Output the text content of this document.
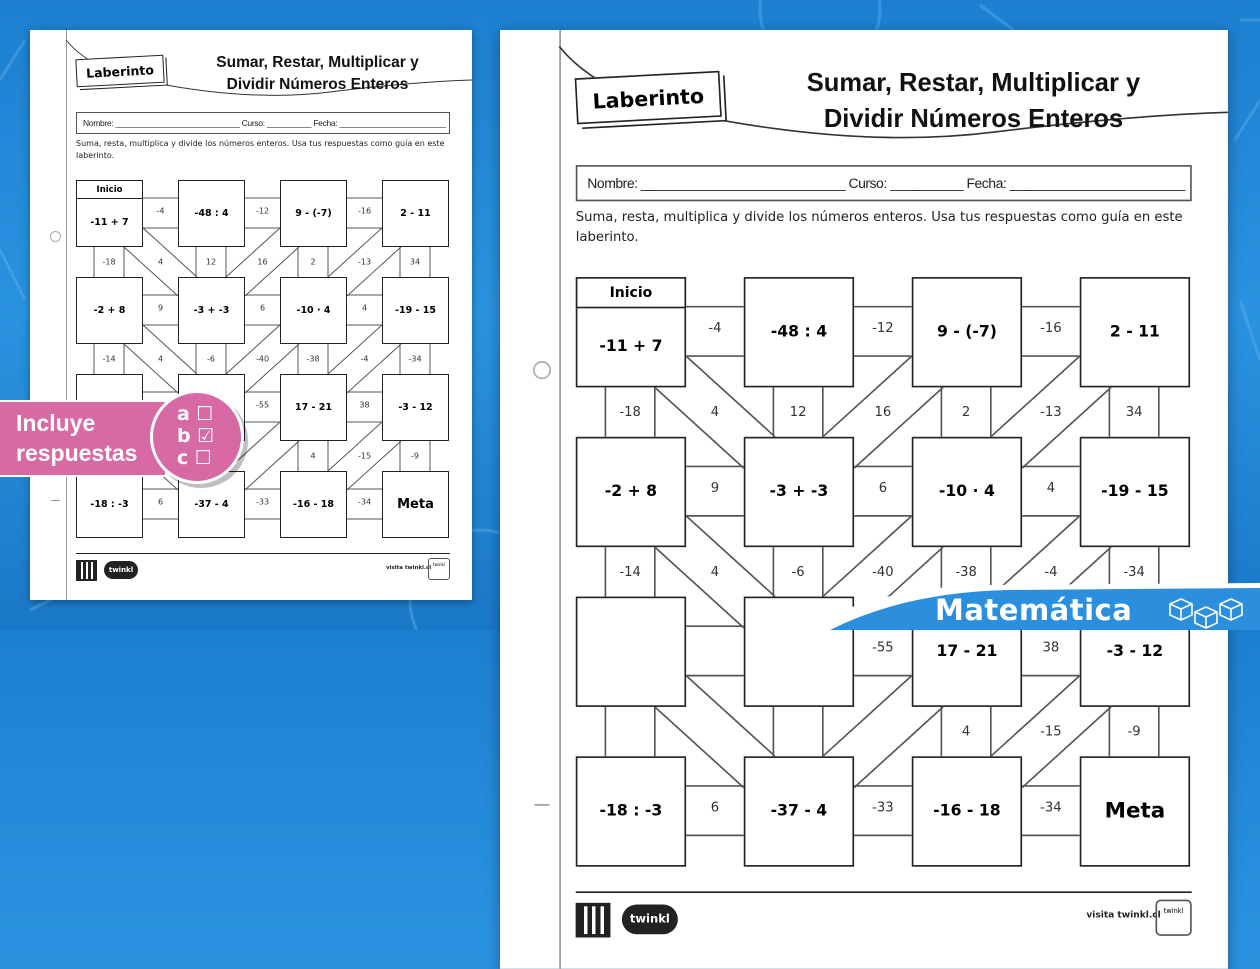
Laberinto	Sumar, Restar, Multiplicar y
Dividir Números Enteros
Nombre: ____________________________ Curso: __________ Fecha: ________________________
Suma, resta, multiplica y divide los números enteros. Usa tus respuestas como guía en este laberinto.
-4	-12	-16
9	6	4
-55	38
6	-33	-34
-18	12	2	34
4	16	-13
-14	-6	-38	-34
4	-40	-4
4	-9
-15
-11 + 7
-48 : 4	9 - (-7)	2 - 11
-2 + 8	-3 + -3	-10 · 4	-19 - 15
17 - 21	-3 - 12
-18 : -3	-37 - 4	-16 - 18	Meta
Inicio
twinkl	visita twinkl.cl
twinkl
Laberinto	Sumar, Restar, Multiplicar y
Dividir Números Enteros
Nombre: ____________________________ Curso: __________ Fecha: ________________________
Suma, resta, multiplica y divide los números enteros. Usa tus respuestas como guía en este laberinto.
-4	-12	-16
9	6	4
-55	38
6	-33	-34
-18	12	2	34
4	16	-13
-14	-6	-38	-34
4	-40	-4
4	-9
-15
-11 + 7
-48 : 4	9 - (-7)	2 - 11
-2 + 8	-3 + -3	-10 · 4	-19 - 15
17 - 21	-3 - 12
-18 : -3	-37 - 4	-16 - 18	Meta
Inicio
twinkl	visita twinkl.cl
twinkl
Incluye
respuestas
a ☐
b ☑
c ☐
Matemática
